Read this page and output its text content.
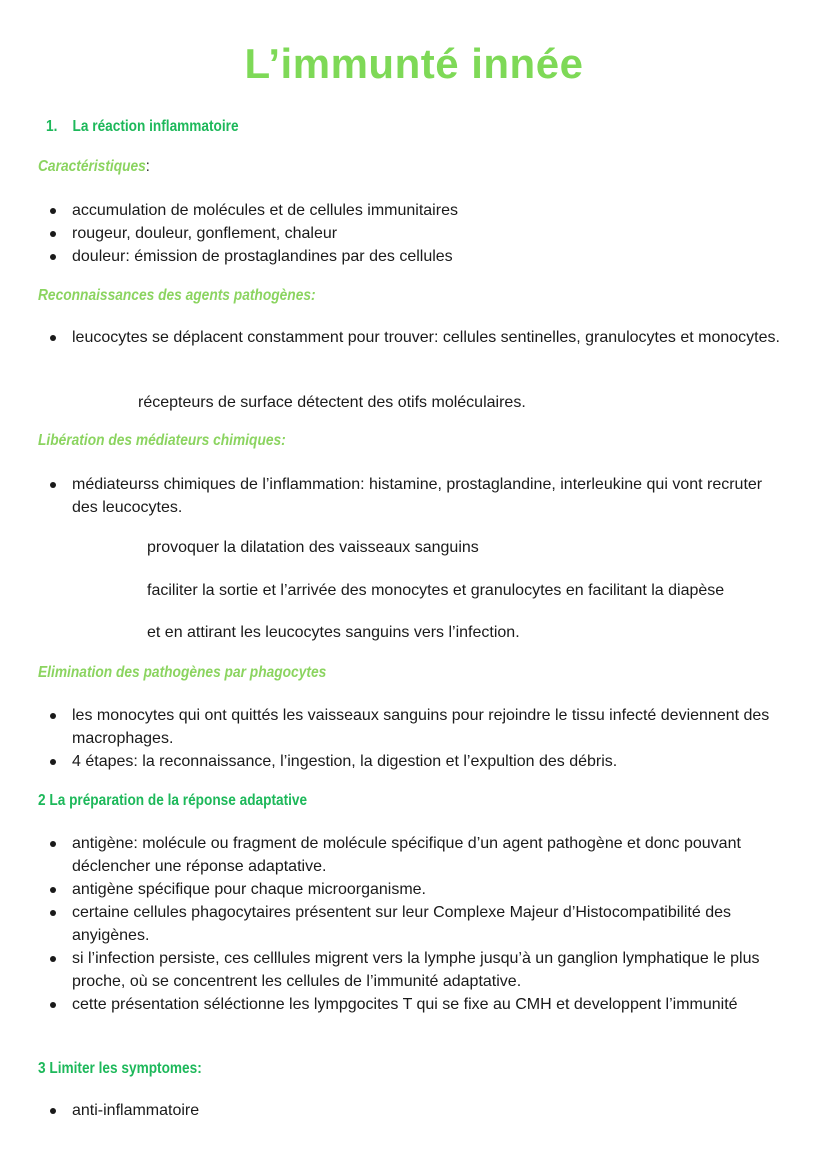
L’immunté innée
1. La réaction inflammatoire
Caractéristiques:
accumulation de molécules et de cellules immunitaires
rougeur, douleur, gonflement, chaleur
douleur: émission de prostaglandines par des cellules
Reconnaissances des agents pathogènes:
leucocytes se déplacent constamment pour trouver: cellules sentinelles, granulocytes et monocytes.
récepteurs de surface détectent des otifs moléculaires.
Libération des médiateurs chimiques:
médiateurss chimiques de l’inflammation: histamine, prostaglandine, interleukine qui vont recruter des leucocytes.
provoquer la dilatation des vaisseaux sanguins
faciliter la sortie et l’arrivée des monocytes et granulocytes en facilitant la diapèse
et en attirant les leucocytes sanguins vers l’infection.
Elimination des pathogènes par phagocytes
les monocytes qui ont quittés les vaisseaux sanguins pour rejoindre le tissu infecté deviennent des macrophages.
4 étapes: la reconnaissance, l’ingestion, la digestion et l’expultion des débris.
2 La préparation de la réponse adaptative
antigène: molécule ou fragment de molécule spécifique d’un agent pathogène et donc pouvant déclencher une réponse adaptative.
antigène spécifique pour chaque microorganisme.
certaine cellules phagocytaires présentent sur leur Complexe Majeur d’Histocompatibilité des anyigènes.
si l’infection persiste, ces celllules migrent vers la lymphe jusqu’à un ganglion lymphatique le plus proche, où se concentrent les cellules de l’immunité adaptative.
cette présentation séléctionne les lympgocites T qui se fixe au CMH et developpent l’immunité
3 Limiter les symptomes:
anti-inflammatoire
